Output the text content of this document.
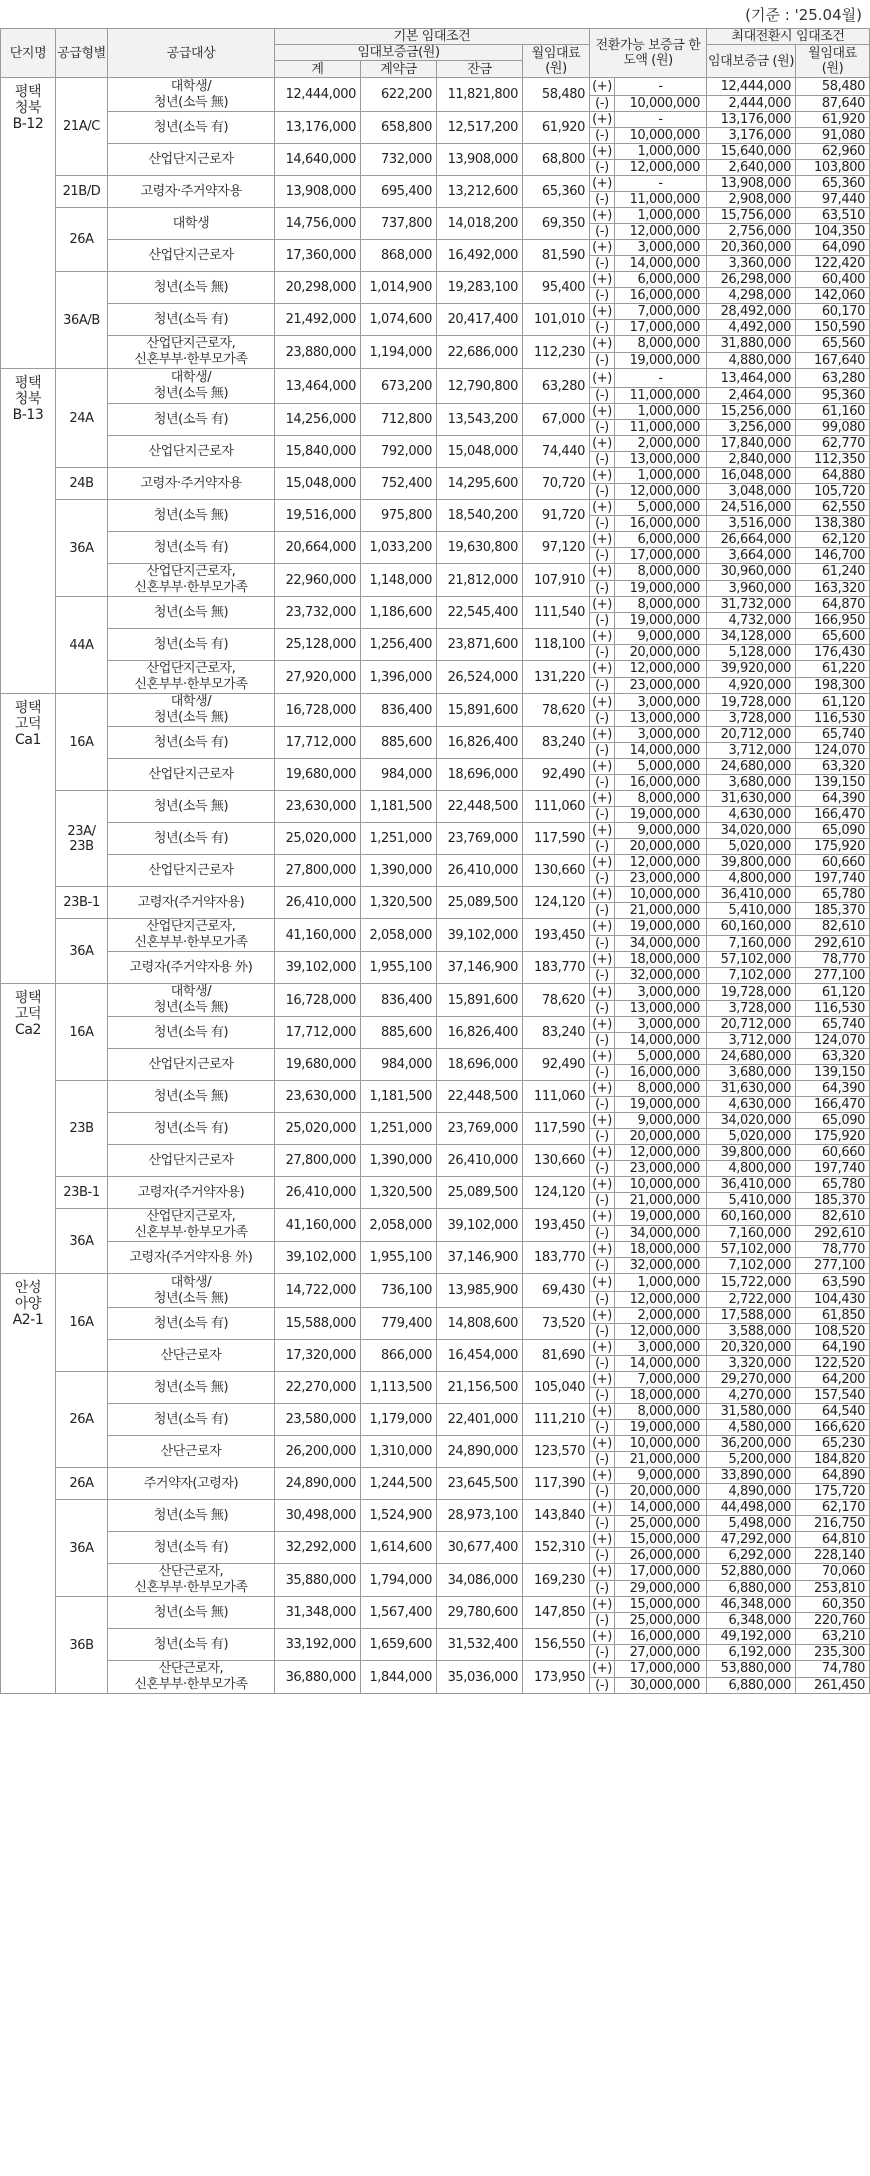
(기준 : '25.04월)
단지명	공급형별	공급대상	기본 임대조건				전환가능 보증금 한도액 (원)		최대전환시 임대조건	
			임대보증금(원)			월임대료 (원)			임대보증금 (원)	월임대료 (원)
			계	계약금	잔금					

평택
청북
B-12	21A/C	대학생/
청년(소득 無)	12,444,000	622,200	11,821,800	58,480	(+)	-	12,444,000	58,480
							(-)	10,000,000	2,444,000	87,640
		청년(소득 有)	13,176,000	658,800	12,517,200	61,920	(+)	-	13,176,000	61,920
							(-)	10,000,000	3,176,000	91,080
		산업단지근로자	14,640,000	732,000	13,908,000	68,800	(+)	1,000,000	15,640,000	62,960
							(-)	12,000,000	2,640,000	103,800
	21B/D	고령자·주거약자용	13,908,000	695,400	13,212,600	65,360	(+)	-	13,908,000	65,360
							(-)	11,000,000	2,908,000	97,440
	26A	대학생	14,756,000	737,800	14,018,200	69,350	(+)	1,000,000	15,756,000	63,510
							(-)	12,000,000	2,756,000	104,350
		산업단지근로자	17,360,000	868,000	16,492,000	81,590	(+)	3,000,000	20,360,000	64,090
							(-)	14,000,000	3,360,000	122,420
	36A/B	청년(소득 無)	20,298,000	1,014,900	19,283,100	95,400	(+)	6,000,000	26,298,000	60,400
							(-)	16,000,000	4,298,000	142,060
		청년(소득 有)	21,492,000	1,074,600	20,417,400	101,010	(+)	7,000,000	28,492,000	60,170
							(-)	17,000,000	4,492,000	150,590

		산업단지근로자,
신혼부부·한부모가족	23,880,000	1,194,000	22,686,000	112,230	(+)	8,000,000	31,880,000	65,560
							(-)	19,000,000	4,880,000	167,640

평택
청북
B-13	24A	대학생/
청년(소득 無)	13,464,000	673,200	12,790,800	63,280	(+)	-	13,464,000	63,280
							(-)	11,000,000	2,464,000	95,360
		청년(소득 有)	14,256,000	712,800	13,543,200	67,000	(+)	1,000,000	15,256,000	61,160
							(-)	11,000,000	3,256,000	99,080
		산업단지근로자	15,840,000	792,000	15,048,000	74,440	(+)	2,000,000	17,840,000	62,770
							(-)	13,000,000	2,840,000	112,350
	24B	고령자·주거약자용	15,048,000	752,400	14,295,600	70,720	(+)	1,000,000	16,048,000	64,880
							(-)	12,000,000	3,048,000	105,720
	36A	청년(소득 無)	19,516,000	975,800	18,540,200	91,720	(+)	5,000,000	24,516,000	62,550
							(-)	16,000,000	3,516,000	138,380
		청년(소득 有)	20,664,000	1,033,200	19,630,800	97,120	(+)	6,000,000	26,664,000	62,120
							(-)	17,000,000	3,664,000	146,700

		산업단지근로자,
신혼부부·한부모가족	22,960,000	1,148,000	21,812,000	107,910	(+)	8,000,000	30,960,000	61,240
							(-)	19,000,000	3,960,000	163,320
	44A	청년(소득 無)	23,732,000	1,186,600	22,545,400	111,540	(+)	8,000,000	31,732,000	64,870
							(-)	19,000,000	4,732,000	166,950
		청년(소득 有)	25,128,000	1,256,400	23,871,600	118,100	(+)	9,000,000	34,128,000	65,600
							(-)	20,000,000	5,128,000	176,430

		산업단지근로자,
신혼부부·한부모가족	27,920,000	1,396,000	26,524,000	131,220	(+)	12,000,000	39,920,000	61,220
							(-)	23,000,000	4,920,000	198,300

평택
고덕
Ca1	16A	대학생/
청년(소득 無)	16,728,000	836,400	15,891,600	78,620	(+)	3,000,000	19,728,000	61,120
							(-)	13,000,000	3,728,000	116,530
		청년(소득 有)	17,712,000	885,600	16,826,400	83,240	(+)	3,000,000	20,712,000	65,740
							(-)	14,000,000	3,712,000	124,070
		산업단지근로자	19,680,000	984,000	18,696,000	92,490	(+)	5,000,000	24,680,000	63,320
							(-)	16,000,000	3,680,000	139,150
	23A/ 23B	청년(소득 無)	23,630,000	1,181,500	22,448,500	111,060	(+)	8,000,000	31,630,000	64,390
							(-)	19,000,000	4,630,000	166,470
		청년(소득 有)	25,020,000	1,251,000	23,769,000	117,590	(+)	9,000,000	34,020,000	65,090
							(-)	20,000,000	5,020,000	175,920
		산업단지근로자	27,800,000	1,390,000	26,410,000	130,660	(+)	12,000,000	39,800,000	60,660
							(-)	23,000,000	4,800,000	197,740
	23B-1	고령자(주거약자용)	26,410,000	1,320,500	25,089,500	124,120	(+)	10,000,000	36,410,000	65,780
							(-)	21,000,000	5,410,000	185,370
	36A	산업단지근로자,
신혼부부·한부모가족	41,160,000	2,058,000	39,102,000	193,450	(+)	19,000,000	60,160,000	82,610
							(-)	34,000,000	7,160,000	292,610
		고령자(주거약자용 外)	39,102,000	1,955,100	37,146,900	183,770	(+)	18,000,000	57,102,000	78,770
							(-)	32,000,000	7,102,000	277,100

평택
고덕
Ca2	16A	대학생/
청년(소득 無)	16,728,000	836,400	15,891,600	78,620	(+)	3,000,000	19,728,000	61,120
							(-)	13,000,000	3,728,000	116,530
		청년(소득 有)	17,712,000	885,600	16,826,400	83,240	(+)	3,000,000	20,712,000	65,740
							(-)	14,000,000	3,712,000	124,070
		산업단지근로자	19,680,000	984,000	18,696,000	92,490	(+)	5,000,000	24,680,000	63,320
							(-)	16,000,000	3,680,000	139,150
	23B	청년(소득 無)	23,630,000	1,181,500	22,448,500	111,060	(+)	8,000,000	31,630,000	64,390
							(-)	19,000,000	4,630,000	166,470
		청년(소득 有)	25,020,000	1,251,000	23,769,000	117,590	(+)	9,000,000	34,020,000	65,090
							(-)	20,000,000	5,020,000	175,920
		산업단지근로자	27,800,000	1,390,000	26,410,000	130,660	(+)	12,000,000	39,800,000	60,660
							(-)	23,000,000	4,800,000	197,740
	23B-1	고령자(주거약자용)	26,410,000	1,320,500	25,089,500	124,120	(+)	10,000,000	36,410,000	65,780
							(-)	21,000,000	5,410,000	185,370
	36A	산업단지근로자,
신혼부부·한부모가족	41,160,000	2,058,000	39,102,000	193,450	(+)	19,000,000	60,160,000	82,610
							(-)	34,000,000	7,160,000	292,610
		고령자(주거약자용 外)	39,102,000	1,955,100	37,146,900	183,770	(+)	18,000,000	57,102,000	78,770
							(-)	32,000,000	7,102,000	277,100

안성
아양
A2-1	16A	대학생/
청년(소득 無)	14,722,000	736,100	13,985,900	69,430	(+)	1,000,000	15,722,000	63,590
							(-)	12,000,000	2,722,000	104,430
		청년(소득 有)	15,588,000	779,400	14,808,600	73,520	(+)	2,000,000	17,588,000	61,850
							(-)	12,000,000	3,588,000	108,520
		산단근로자	17,320,000	866,000	16,454,000	81,690	(+)	3,000,000	20,320,000	64,190
							(-)	14,000,000	3,320,000	122,520
	26A	청년(소득 無)	22,270,000	1,113,500	21,156,500	105,040	(+)	7,000,000	29,270,000	64,200
							(-)	18,000,000	4,270,000	157,540
		청년(소득 有)	23,580,000	1,179,000	22,401,000	111,210	(+)	8,000,000	31,580,000	64,540
							(-)	19,000,000	4,580,000	166,620
		산단근로자	26,200,000	1,310,000	24,890,000	123,570	(+)	10,000,000	36,200,000	65,230
							(-)	21,000,000	5,200,000	184,820
	26A	주거약자(고령자)	24,890,000	1,244,500	23,645,500	117,390	(+)	9,000,000	33,890,000	64,890
							(-)	20,000,000	4,890,000	175,720
	36A	청년(소득 無)	30,498,000	1,524,900	28,973,100	143,840	(+)	14,000,000	44,498,000	62,170
							(-)	25,000,000	5,498,000	216,750
		청년(소득 有)	32,292,000	1,614,600	30,677,400	152,310	(+)	15,000,000	47,292,000	64,810
							(-)	26,000,000	6,292,000	228,140

		산단근로자,
신혼부부·한부모가족	35,880,000	1,794,000	34,086,000	169,230	(+)	17,000,000	52,880,000	70,060
							(-)	29,000,000	6,880,000	253,810
	36B	청년(소득 無)	31,348,000	1,567,400	29,780,600	147,850	(+)	15,000,000	46,348,000	60,350
							(-)	25,000,000	6,348,000	220,760
		청년(소득 有)	33,192,000	1,659,600	31,532,400	156,550	(+)	16,000,000	49,192,000	63,210
							(-)	27,000,000	6,192,000	235,300

		산단근로자,
신혼부부·한부모가족	36,880,000	1,844,000	35,036,000	173,950	(+)	17,000,000	53,880,000	74,780
							(-)	30,000,000	6,880,000	261,450
